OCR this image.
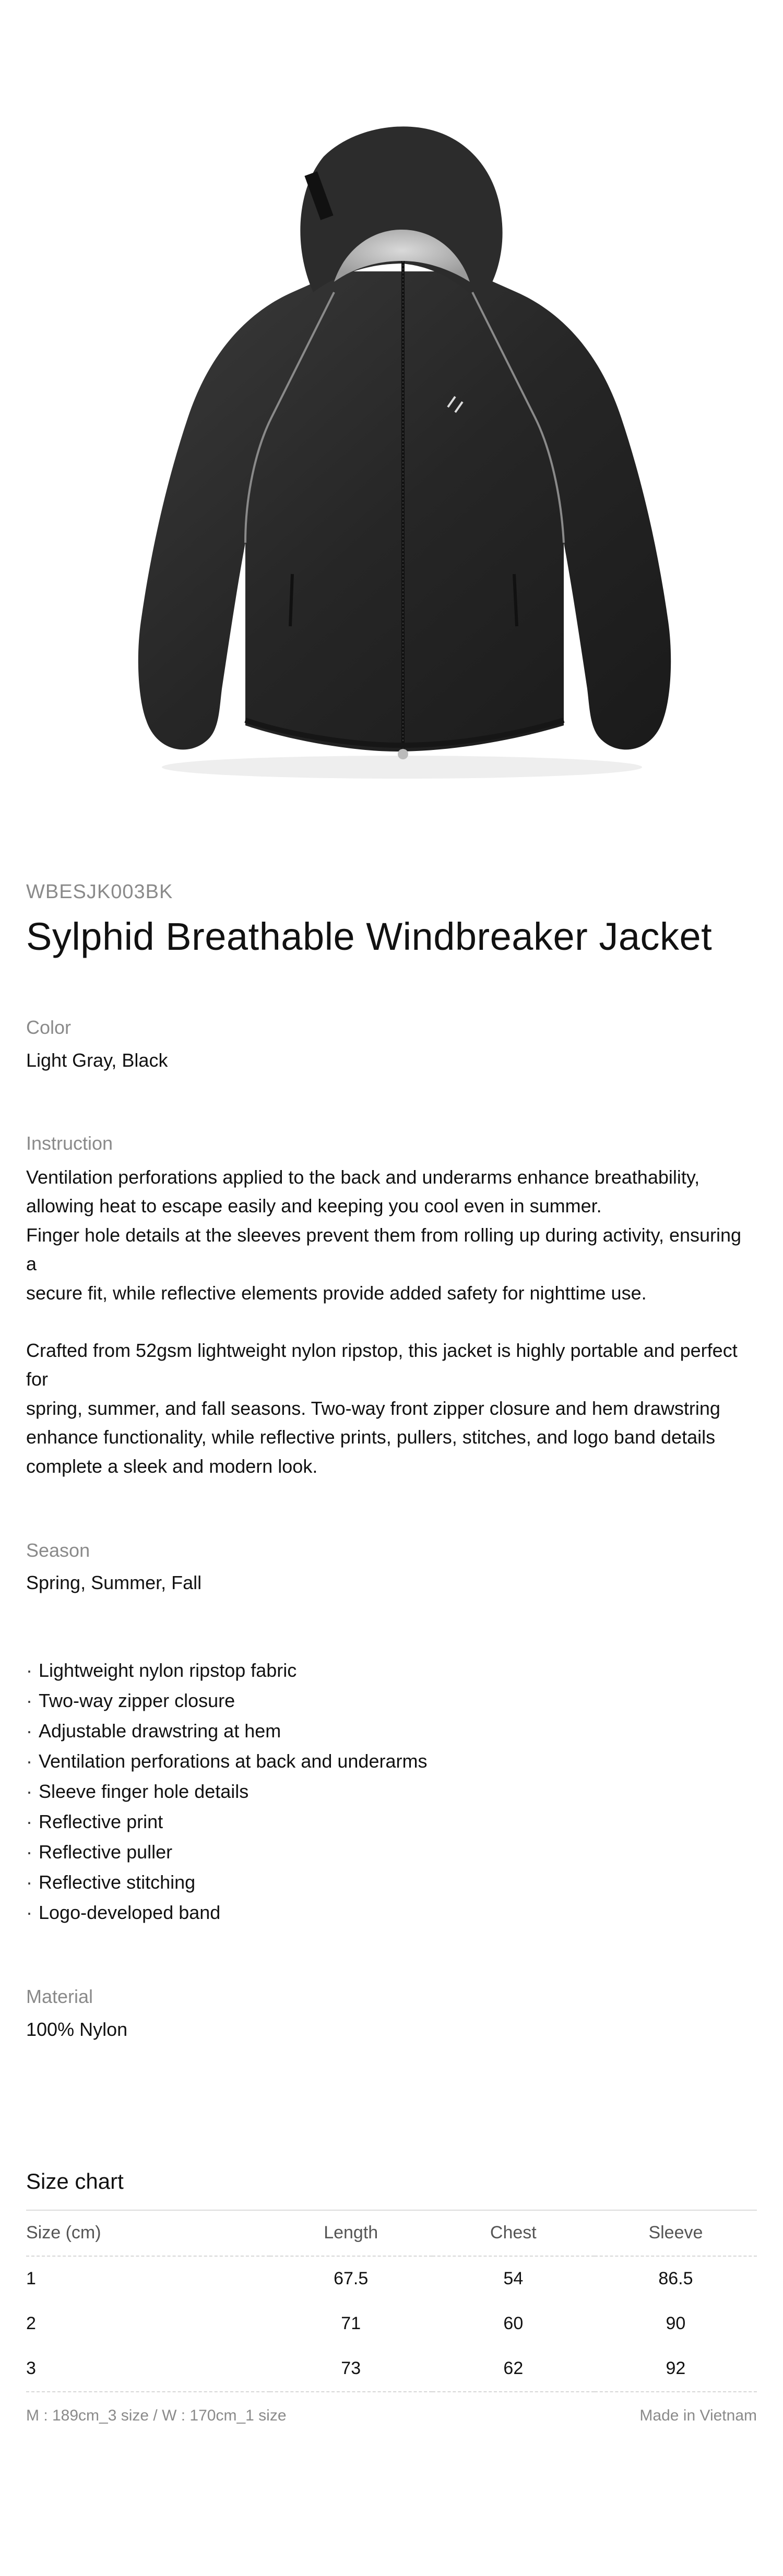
WBESJK003BK

Sylphid Breathable Windbreaker Jacket

Color

Light Gray, Black

Instruction

Ventilation perforations applied to the back and underarms enhance breathability,

allowing heat to escape easily and keeping you cool even in summer.

Finger hole details at the sleeves prevent them from rolling up during activity, ensuring a

secure fit, while reflective elements provide added safety for nighttime use.

Crafted from 52gsm lightweight nylon ripstop, this jacket is highly portable and perfect for

spring, summer, and fall seasons. Two-way front zipper closure and hem drawstring

enhance functionality, while reflective prints, pullers, stitches, and logo band details

complete a sleek and modern look.

Season

Spring, Summer, Fall

· Lightweight nylon ripstop fabric
· Two-way zipper closure
· Adjustable drawstring at hem
· Ventilation perforations at back and underarms
· Sleeve finger hole details
· Reflective print
· Reflective puller
· Reflective stitching
· Logo-developed band

Material

100% Nylon

Size chart
Size (cm)	Length	Chest	Sleeve
1	67.5	54	86.5
2	71	60	90
3	73	62	92
M : 189cm_3 size / W : 170cm_1 size	Made in Vietnam
